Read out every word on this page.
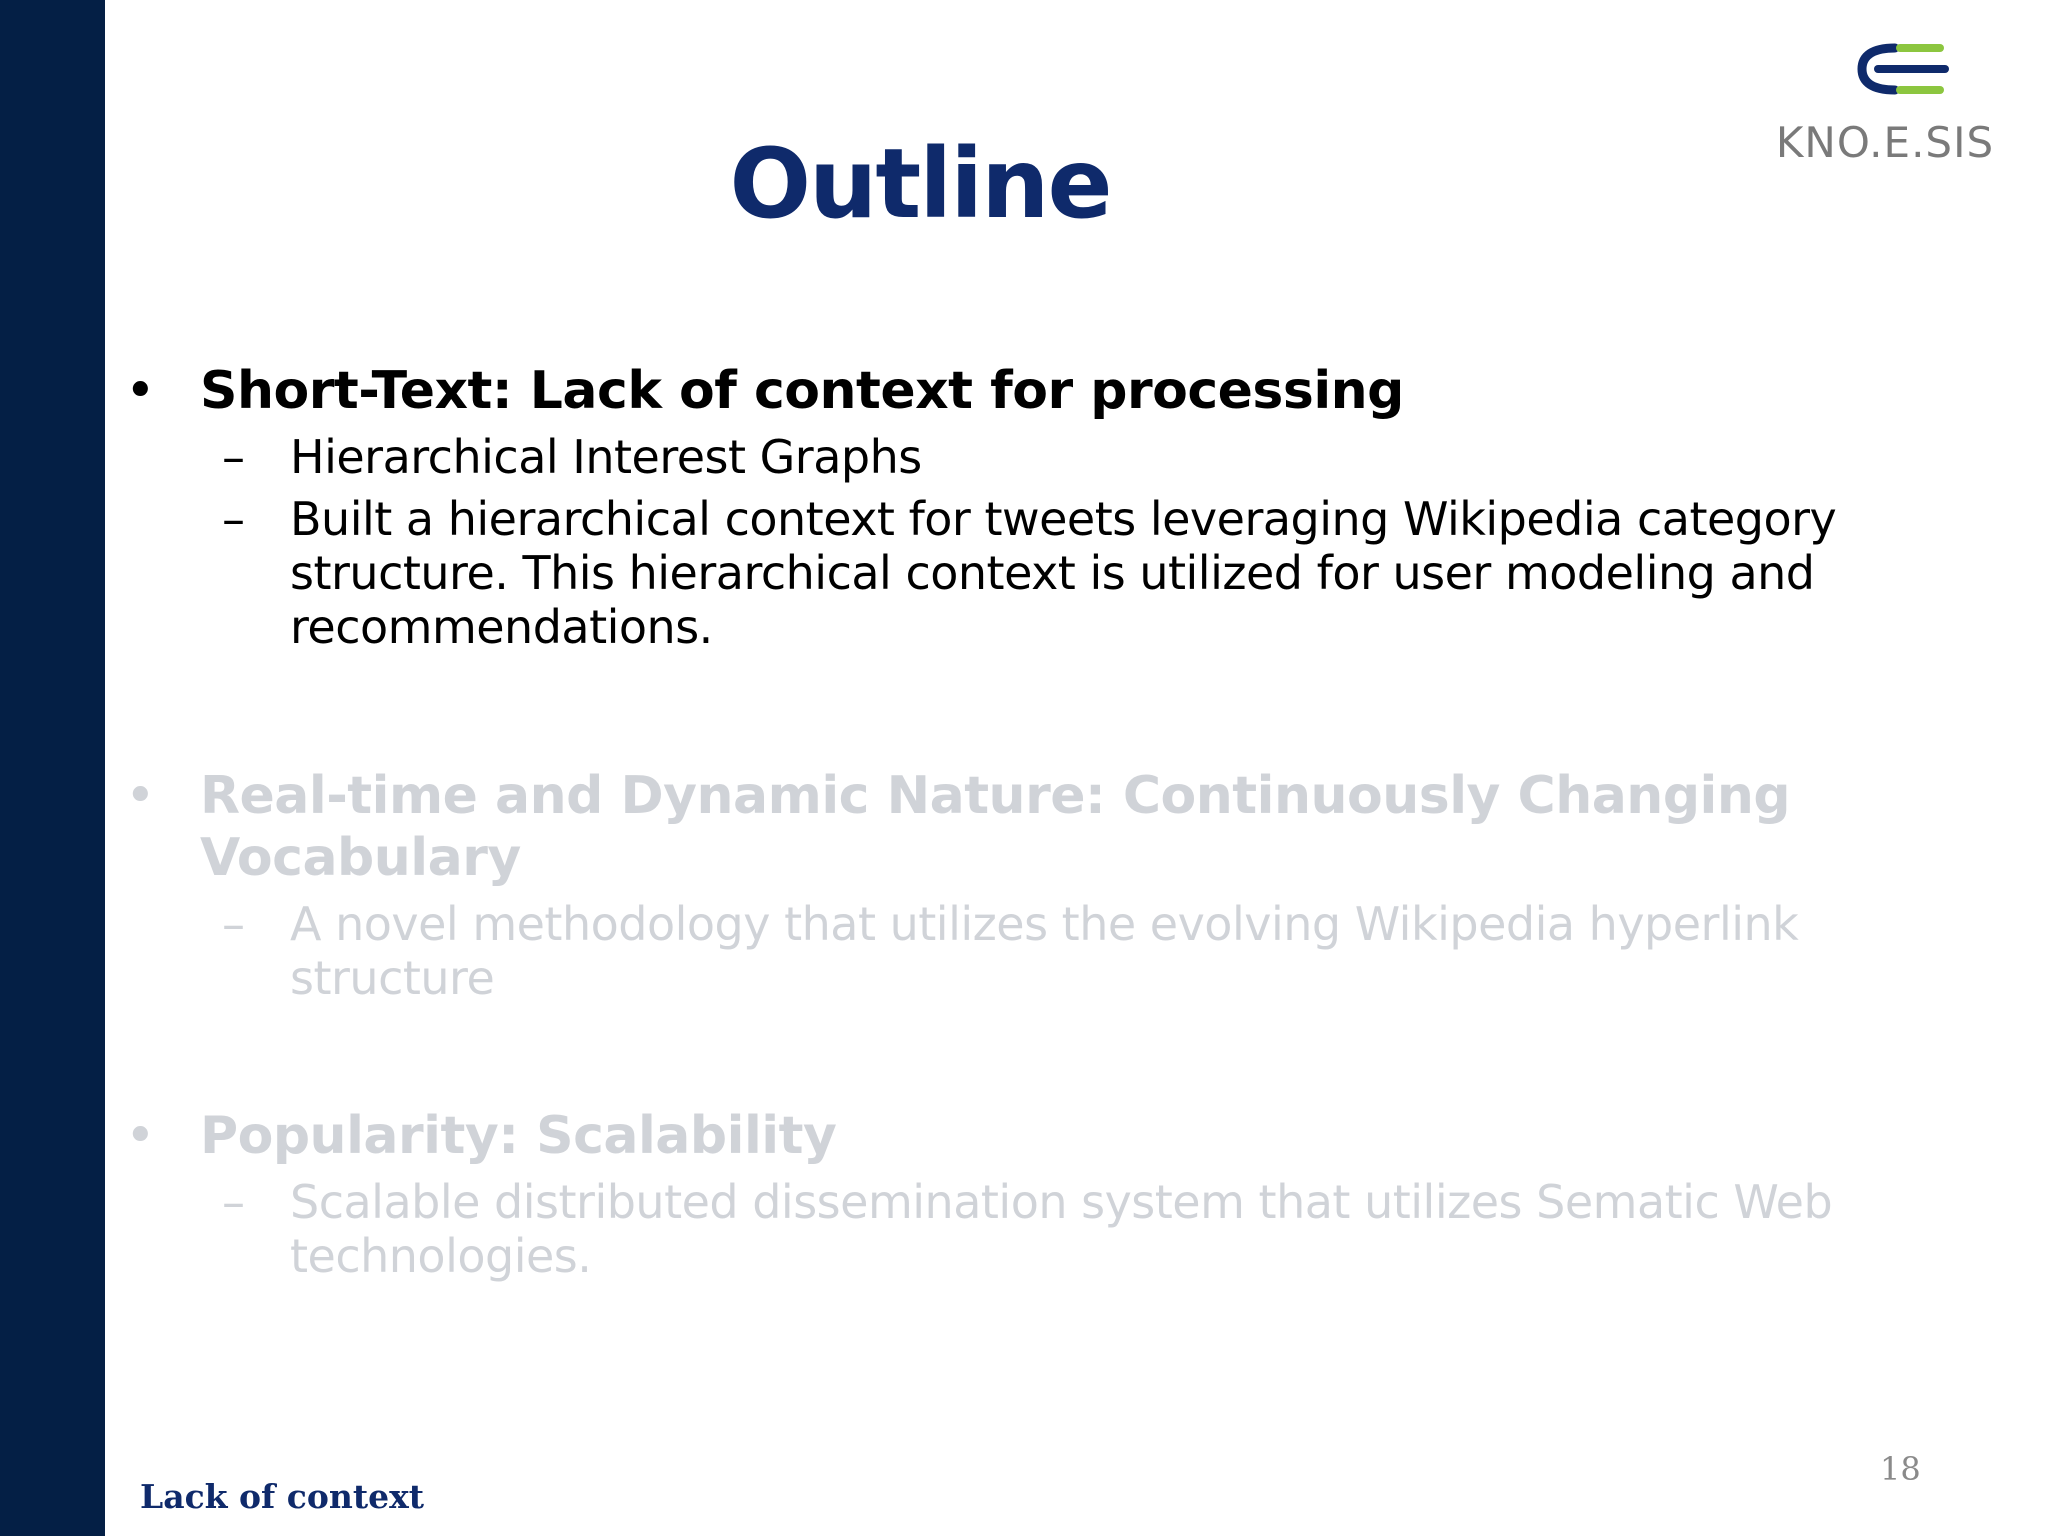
KNO.E.SIS
Outline
• Short-Text: Lack of context for processing
– Hierarchical Interest Graphs
– Built a hierarchical context for tweets leveraging Wikipedia category structure. This hierarchical context is utilized for user modeling and recommendations.
• Real-time and Dynamic Nature: Continuously Changing Vocabulary
– A novel methodology that utilizes the evolving Wikipedia hyperlink structure
• Popularity: Scalability
– Scalable distributed dissemination system that utilizes Sematic Web technologies.
Lack of context
18
